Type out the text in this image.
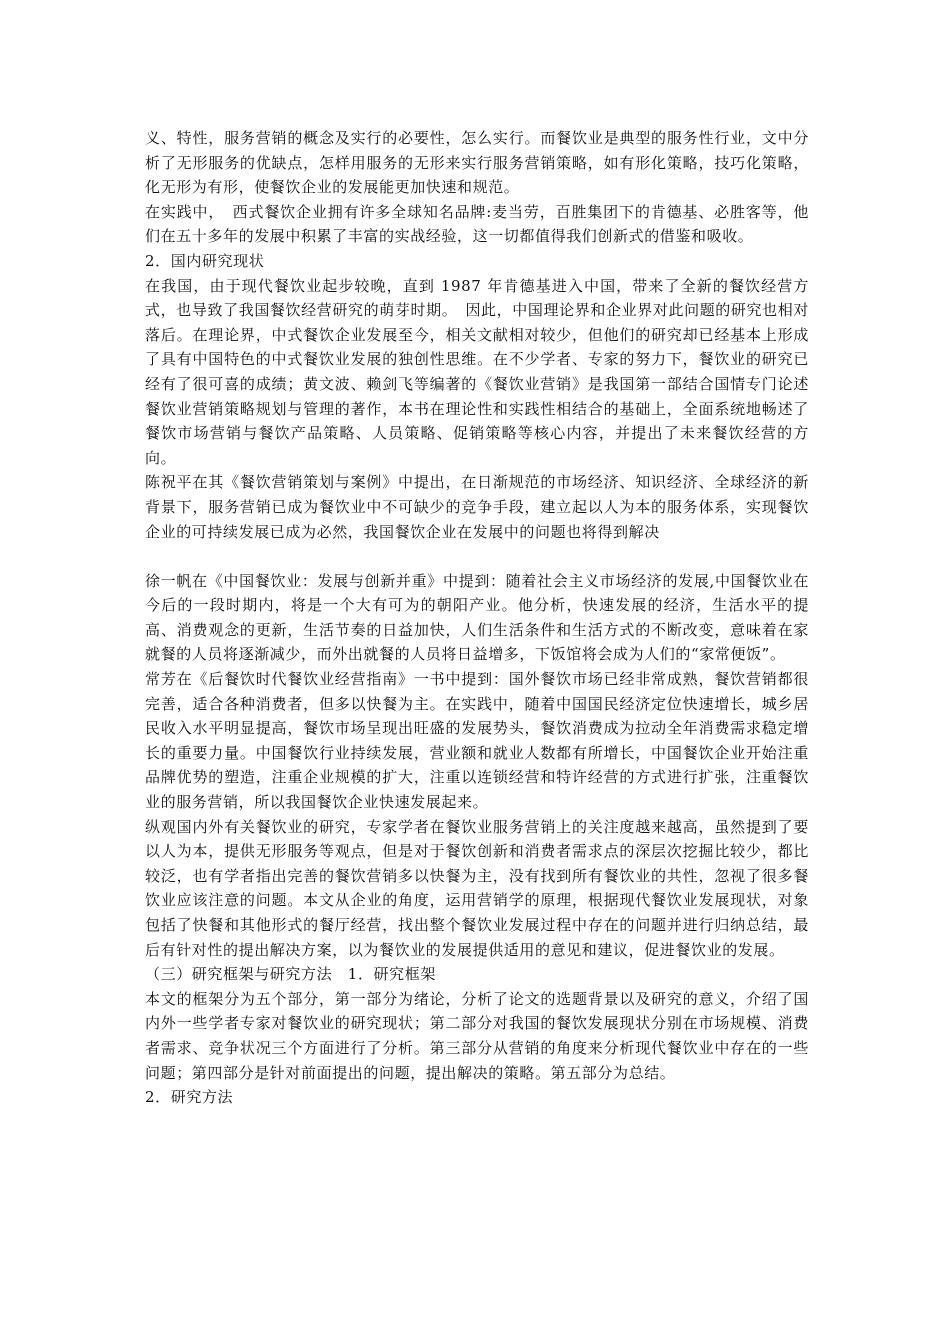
义、特性，服务营销的概念及实行的必要性，怎么实行。而餐饮业是典型的服务性行业，文中分析了无形服务的优缺点，怎样用服务的无形来实行服务营销策略，如有形化策略，技巧化策略，化无形为有形，使餐饮企业的发展能更加快速和规范。

在实践中，　西式餐饮企业拥有许多全球知名品牌:麦当劳，百胜集团下的肯德基、必胜客等，他们在五十多年的发展中积累了丰富的实战经验，这一切都值得我们创新式的借鉴和吸收。

2．国内研究现状

在我国，由于现代餐饮业起步较晚，直到 1987 年肯德基进入中国，带来了全新的餐饮经营方式，也导致了我国餐饮经营研究的萌芽时期。　因此，中国理论界和企业界对此问题的研究也相对落后。在理论界，中式餐饮企业发展至今，相关文献相对较少，但他们的研究却已经基本上形成了具有中国特色的中式餐饮业发展的独创性思维。在不少学者、专家的努力下，餐饮业的研究已经有了很可喜的成绩；黄文波、赖剑飞等编著的《餐饮业营销》是我国第一部结合国情专门论述餐饮业营销策略规划与管理的著作，本书在理论性和实践性相结合的基础上，全面系统地畅述了餐饮市场营销与餐饮产品策略、人员策略、促销策略等核心内容，并提出了未来餐饮经营的方向。

陈祝平在其《餐饮营销策划与案例》中提出，在日渐规范的市场经济、知识经济、全球经济的新背景下，服务营销已成为餐饮业中不可缺少的竞争手段，建立起以人为本的服务体系，实现餐饮企业的可持续发展已成为必然，我国餐饮企业在发展中的问题也将得到解决

徐一帆在《中国餐饮业：发展与创新并重》中提到：随着社会主义市场经济的发展,中国餐饮业在今后的一段时期内，将是一个大有可为的朝阳产业。他分析，快速发展的经济，生活水平的提高、消费观念的更新，生活节奏的日益加快，人们生活条件和生活方式的不断改变，意味着在家就餐的人员将逐渐减少，而外出就餐的人员将日益增多，下饭馆将会成为人们的“家常便饭”。

常芳在《后餐饮时代餐饮业经营指南》一书中提到：国外餐饮市场已经非常成熟，餐饮营销都很完善，适合各种消费者，但多以快餐为主。在实践中，随着中国国民经济定位快速增长，城乡居民收入水平明显提高，餐饮市场呈现出旺盛的发展势头，餐饮消费成为拉动全年消费需求稳定增长的重要力量。中国餐饮行业持续发展，营业额和就业人数都有所增长，中国餐饮企业开始注重品牌优势的塑造，注重企业规模的扩大，注重以连锁经营和特许经营的方式进行扩张，注重餐饮业的服务营销，所以我国餐饮企业快速发展起来。

纵观国内外有关餐饮业的研究，专家学者在餐饮业服务营销上的关注度越来越高，虽然提到了要以人为本，提供无形服务等观点，但是对于餐饮创新和消费者需求点的深层次挖掘比较少，都比较泛，也有学者指出完善的餐饮营销多以快餐为主，没有找到所有餐饮业的共性，忽视了很多餐饮业应该注意的问题。本文从企业的角度，运用营销学的原理，根据现代餐饮业发展现状，对象包括了快餐和其他形式的餐厅经营，找出整个餐饮业发展过程中存在的问题并进行归纳总结，最后有针对性的提出解决方案，以为餐饮业的发展提供适用的意见和建议，促进餐饮业的发展。

（三）研究框架与研究方法　1．研究框架

本文的框架分为五个部分，第一部分为绪论，分析了论文的选题背景以及研究的意义，介绍了国内外一些学者专家对餐饮业的研究现状；第二部分对我国的餐饮发展现状分别在市场规模、消费者需求、竞争状况三个方面进行了分析。第三部分从营销的角度来分析现代餐饮业中存在的一些问题；第四部分是针对前面提出的问题，提出解决的策略。第五部分为总结。

2．研究方法
